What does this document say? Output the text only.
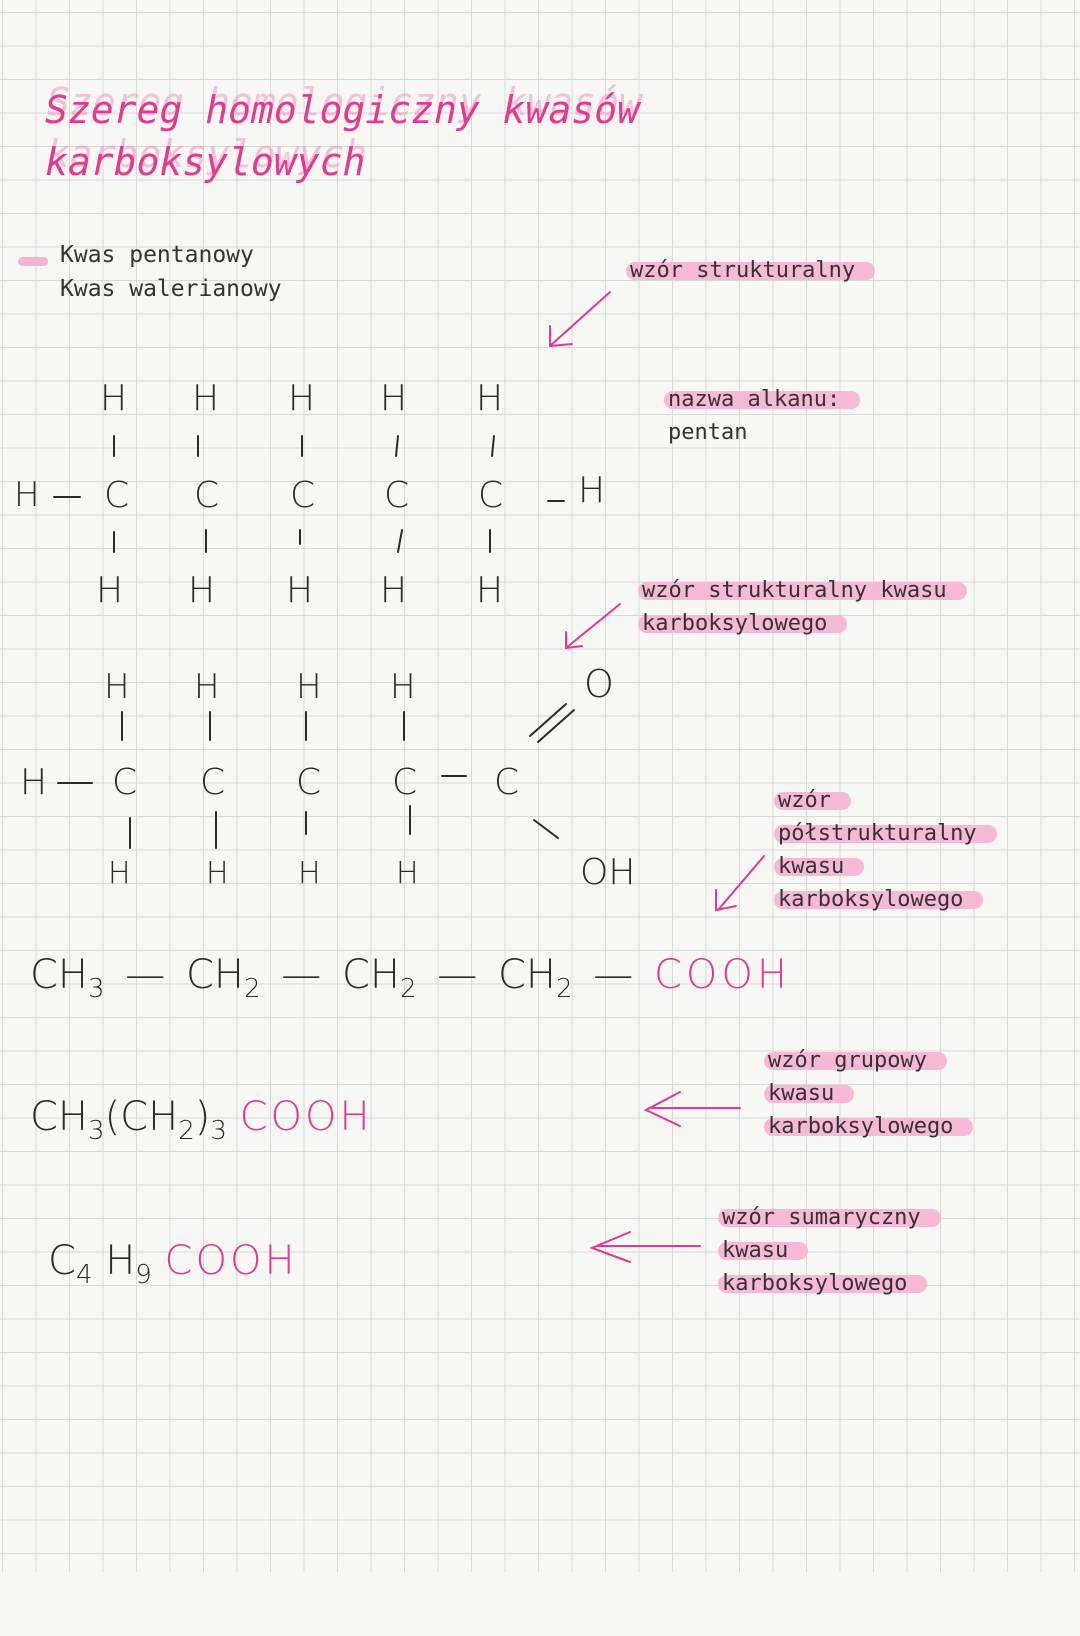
Szereg homologiczny kwasów
karboksylowych
Kwas pentanowy
Kwas walerianowy
wzór strukturalny
nazwa alkanu:
pentan
wzór strukturalny kwasu
karboksylowego
wzór
półstrukturalny
kwasu
karboksylowego
wzór grupowy
kwasu
karboksylowego
wzór sumaryczny
kwasu
karboksylowego
H H H H H
H C C C C C H
H H H H H
H H H H	O
H C C C C C
H	H H	H	OH
$CH_3$ — $CH_2$ — $CH_2$ — $CH_2$ — COOH
$CH_3(CH_2)_3$ COOH
$C_4$ $H_9$ COOH
